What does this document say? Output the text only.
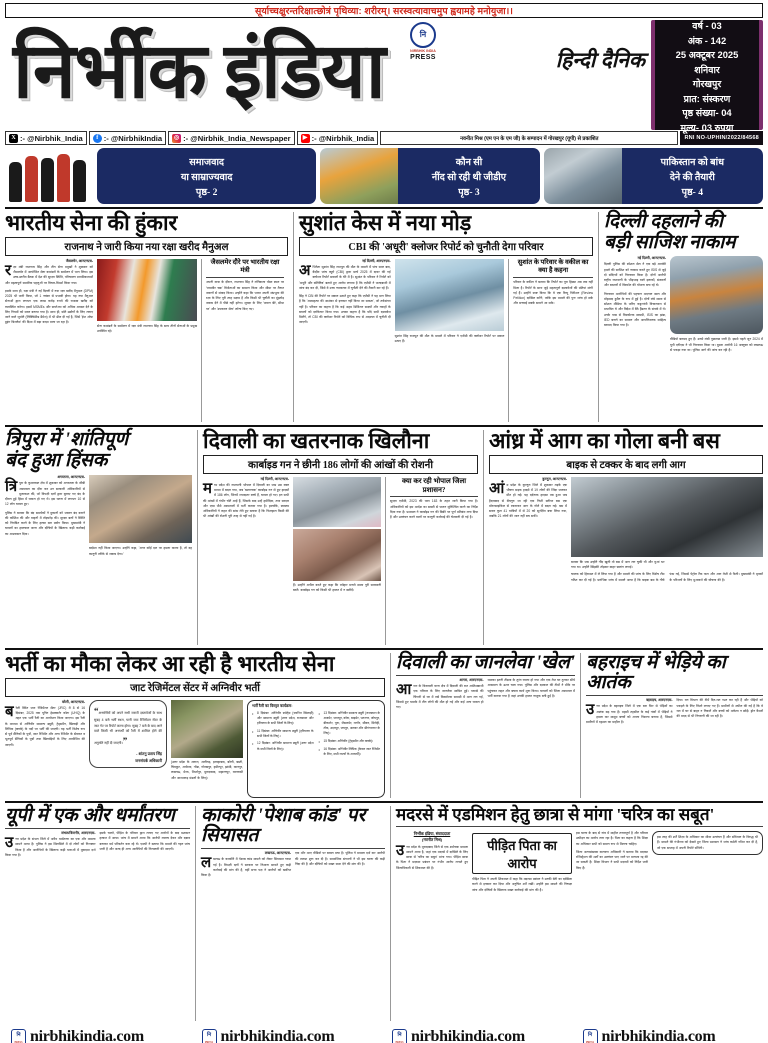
सूर्याच्चक्षुरन्तरिक्षात्छोत्रं पृथिव्या: शरीरम्। सरस्वत्यावाचमुप ह्वयामहे मनोयुजा।।
निर्भीक इंडिया	नि
NIRBHIK INDIA
PRESS	हिन्दी दैनिक
वर्ष - 03
अंक - 142
25 अक्टूबर 2025
शनिवार
गोरखपुर
प्रात: संस्करण
पृष्ठ संख्या- 04
मूल्य- 03 रुपया
X :- @Nirbhik_India	f :- @NirbhikIndia	◎ :- @Nirbhik_India_Newspaper	▶ :- @Nirbhik_India	नवनीत मिश्र (एम एन के एम जी) के सम्पादन में गोरखपुर (यूपी) से प्रकाशित	RNI NO-UPHIN/2022/84568
समाजवाद
या साम्राज्यवाद
पृष्ठ- 2
कौन सी
नींद सो रही थी जीडीए
पृष्ठ- 3
पाकिस्तान को बांध
देने की तैयारी
पृष्ठ- 4
भारतीय सेना की हुंकार
राजनाथ ने जारी किया नया रक्षा खरीद मैनुअल
जैसलमेर, आरएनएस-
रक्षा मंत्री राजनाथ सिंह और तीन सेना प्रमुखों ने शुक्रवार को जैसलमेर में आयोजित सेना कमांडरों के सम्मेलन में भाग लिया। इस उच्च-स्तरीय बैठक में देश की सुरक्षा स्थिति, परिचालन प्राथमिकताओं और महत्वपूर्ण सामरिक पहलुओं पर विचार-विमर्श किया गया।
इसके साथ ही, रक्षा मंत्री ने नई दिल्ली में नया रक्षा खरीद मैनुअल (DPM) 2025 भी जारी किया, जो 1 नवंबर से प्रभावी होगा। यह नया मैनुअल सेनाओं द्वारा लगभग एक लाख करोड़ रुपये की राजस्व खरीद को व्यवस्थित करेगा। इसमें MSMEs और स्टार्टअप को अधिक अवसर देने के लिए नियमों को सरल बनाया गया है। साथ ही, छोटे उद्योगों के लिए लगाए जाने वाले जुर्माने (लिक्विडेटेड डैमेज) में भी ढील दी गई है, जिसे 'ईज ऑफ डूइंग बिजनेस' की दिशा में बड़ा कदम माना जा रहा है।
सेना कमांडरों के सम्मेलन में रक्षा मंत्री राजनाथ सिंह के साथ तीनों सेनाओं के प्रमुख उपस्थित रहे।
जैसलमेर दौरे पर भारतीय रक्षा मंत्री
अपनी यात्रा के दौरान, राजनाथ सिंह ने लोंगेवाला पोस्ट स्थल पर 'परमवीर चक्र' विजेताओं का सम्मान किया और सीमा पर तैनात जवानों से संवाद किया। उन्होंने कहा कि भारत अपनी संप्रभुता की रक्षा के लिए पूरी तरह सक्षम है और किसी भी चुनौती का मुंहतोड़ जवाब देने में पीछे नहीं हटेगा। सुरक्षा के लिए 'जवान बेटे, सीमा पर' और 'उपकरण सेना' लॉन्च किए गए।
सुशांत केस में नया मोड़
CBI की 'अधूरी' क्लोजर रिपोर्ट को चुनौती देगा परिवार
नई दिल्ली, आरएनएस-
अभिनेता सुशांत सिंह राजपूत की मौत के मामले में पांच साल बाद, केंद्रीय जांच ब्यूरो (CBI) द्वारा मार्च 2025 में दायर की गई क्लोजर रिपोर्ट सवालों के घेरे में है। सुशांत के परिवार ने रिपोर्ट को 'अधूरी और बलिनिष्ठ' बताते हुए आरोप लगाया है कि एजेंसी ने जल्दबाजी में जांच बंद कर दी, जिसे वे उच्च न्यायालय में चुनौती देने की तैयारी कर रहे हैं।
सिंह ने CBI की रिपोर्ट पर सवाल उठाते हुए कहा कि एजेंसी ने यह मान लिया है कि 'आत्महत्या की आशंका से इनकार नहीं किया जा सकता', जो तर्कसंगत नहीं है। परिवार का कहना है कि कई अहम डिजिटल साक्ष्यों और गवाहों के बयानों को दरकिनार किया गया। उनका कहना है कि यदि सभी दस्तावेज मिलेंगे, तो CBI की क्लोजर रिपोर्ट को विधिक रूप से अदालत में चुनौती दी जाएगी।
सुशांत सिंह राजपूत की मौत के मामले में परिवार ने एजेंसी की क्लोजर रिपोर्ट पर सवाल उठाए हैं।
सुशांत के परिवार के वकील का क्या है कहना
परिवार के वकील ने बताया कि रिपोर्ट का पूरा हिस्सा अब तक नहीं मिला है। रिपोर्ट के साथ जुड़े महत्वपूर्ण दस्तावेजों की प्रतियां मांगी गई हैं। उन्होंने स्पष्ट किया कि वे एक रिव्यू पिटीशन (Review Petition) दाखिल करेंगे, ताकि इस मामले की पुनः जांच हो सके और सच्चाई सबके सामने आ सके।
दिल्ली दहलाने की
बड़ी साजिश नाकाम
नई दिल्ली, आरएनएस-
दिल्ली पुलिस की स्पेशल सेल ने एक बड़े आतंकी हमले की साजिश को नाकाम करते हुए ISIS से जुड़े दो संदिग्धों को गिरफ्तार किया है। दोनों आरोपी राष्ट्रीय राजधानी के भीड़भाड़ वाले इलाकों, संस्थानों और बाजारों में विस्फोट की योजना बना रहे थे।
गिरफ्तार आरोपियों की पहचान अदनान खान और मोहम्मद हुसैन के रूप में हुई है। दोनों लंबे समय से सोशल मीडिया के जरिए कट्टरपंथी विचारधारा से प्रभावित थे और विदेश में बैठे हैंडलर के संपर्क में थे। उनके पास से विस्फोटक सामग्री, ISIS का झंडा, IED बनाने का सामान और आपत्तिजनक साहित्य बरामद किया गया है।
वीडियो बरामद हुए हैं। उनसे लंबी पूछताछ जारी है। इससे पहले जून 2024 में यूपी एटीएस ने भी गिरफ्तार किया था। दूसरा आरोपी 16 अक्टूबर को लखनऊ से पकड़ा गया था। पुलिस आगे की जांच कर रही है।
त्रिपुरा में 'शांतिपूर्ण
बंद हुआ हिंसक
अगरतला, आरएनएस-
त्रि पुरा के कुमारघाट क्षेत्र में शुक्रवार को अगरतला के जीबी अस्पताल का दौरा कर उन सरकारी अधिकारियों से मुलाकात की, जो विपक्षी दलों द्वारा बुलाए गए बंद के दौरान हुई हिंसा में घायल हो गए थे। इस घटना में लगभग 10 से 12 लोग घायल हुए।
पुलिस ने बताया कि बंद समर्थकों ने दुकानों को जबरन बंद कराने की कोशिश की और वाहनों में तोड़फोड़ की। सुरक्षा बलों ने स्थिति को नियंत्रित करने के लिए हल्का बल प्रयोग किया। मुख्यमंत्री ने घायलों का हालचाल जाना और दोषियों के खिलाफ कड़ी कार्रवाई का आश्वासन दिया।
बर्दाश्त नहीं किया जाएगा। उन्होंने कहा, 'अगर कोई दल पर हमला करता है, तो वह कानूनी तरीके से जवाब देगा।'
दिवाली का खतरनाक खिलौना
कार्बाइड गन ने छीनी 186 लोगों की आंखों की रोशनी
नई दिल्ली, आरएनएस-
मध्य प्रदेश की राजधानी भोपाल में दिवाली का जश्न उस वक्त मातम में बदल गया, जब 'खतरनाक' कार्बाइड गन से हुए हादसों में 186 लोग, जिनमें ज्यादातर बच्चे हैं, घायल हो गए। इन सभी की आंखों में गंभीर चोटें आईं हैं, जिसके बाद उन्हें हमीदिया, तथा सरदार और एम्स जैसे अस्पतालों में भर्ती कराया गया है। हालांकि, स्वास्थ्य अधिकारियों ने राहत की सांस लेते हुए बताया है कि फिलहाल किसी की भी आंखों की रोशनी पूरी तरह से नहीं गई है।
हैं। उन्होंने अपील करते हुए कहा कि त्योहार मनाते समय पूरी सावधानी बरतें। कार्बाइड गन को किसी भी हालत में न खरीदें।
क्या कर रही भोपाल जिला प्रशासन?
सुरक्षा एजेंसी, 2023 की धारा 163 के तहत जारी किया गया है। अधिकारियों को इस आदेश का सख्ती से पालन सुनिश्चित करने का निर्देश दिया गया है। प्रशासन ने कार्बाइड गन की बिक्री पर पूर्ण प्रतिबंध लगा दिया है और उल्लंघन करने वालों पर कानूनी कार्रवाई की चेतावनी दी गई है।
आंध्र में आग का गोला बनी बस
बाइक से टक्कर के बाद लगी आग
कुरनूल, आरएनएस-
आंध्र प्रदेश के कुरनूल जिले में शुक्रवार तड़के एक भीषण सड़क हादसे में 19 लोगों की जिंदा जलकर मौत हो गई। यह दर्दनाक हादसा तब हुआ जब हैदराबाद से बेंगलुरु जा रही एक निजी स्लीपर बस एक मोटरसाइकिल से टकराकर आग के गोले में बदल गई। बस में सवार कुल 41 यात्रियों में से 20 को सुरक्षित बचा लिया गया, जबकि 21 लोगों की जान नहीं बच सकी।
बताया कि जब उन्होंने नींद खुली तो बस में आग लग चुकी थी और धुआं भर गया था। उन्होंने खिड़की तोड़कर बाहर छलांग लगाई।
चालक को हिरासत में ले लिया गया है और मामले की जांच के लिए विशेष टीम गठित कर दी गई है। प्रारंभिक जांच में सामने आया है कि बाइक बस के नीचे फंस गई, जिससे पेट्रोल टैंक फटा और आग तेजी से फैली। मुख्यमंत्री ने मृतकों के परिजनों के लिए मुआवजे की घोषणा की है।
भर्ती का मौका लेकर आ रही है भारतीय सेना
जाट रेजिमेंटल सेंटर में अग्निवीर भर्ती
बरेली, आरएनएस-
बरेली स्थित जाट रेजिमेंटल सेंटर (JRC) में 8 से 16 दिसंबर, 2025 तक यूनिट हेडक्वार्टर कोटा (UHQ) के तहत एक भर्ती रैली का आयोजन किया जाएगा। इस रैली के माध्यम से अग्निवीर सामान्य ड्यूटी, ट्रेड्समैन, खिलाड़ी और लिपिक (क्लर्क) के पदों पर भर्ती की जाएगी। यह भर्ती विशेष रूप से पूर्व सैनिकों के पुत्रों, जाट रेजिमेंट और अन्य रेजिमेंट के सेवारत व भूतपूर्व सैनिकों के पुत्रों तथा खिलाड़ियों के लिए आयोजित की जाएगी।
“अभ्यर्थियों को अपने सभी जरूरी दस्तावेजों के साथ सुबह 4 बजे भर्ती स्थल, यानी जाट रेजिमेंटल सेंटर के जाट गेट पर रिपोर्ट करना होगा। सुबह 7 बजे के बाद आने वाले किसी भी अभ्यर्थी को रैली में शामिल होने की अनुमति नहीं दी जाएगी।”
- शांतनु प्रताप सिंह
जनसंपर्क अधिकारी	(उत्तर प्रदेश के आगरा, अलीगढ़, इलाहाबाद, बरेली, बस्ती, चित्रकूट, अयोध्या, गोंडा, गोरखपुर, हमीरपुर, झांसी, कानपुर, लखनऊ, मेरठ, मिर्जापुर, मुरादाबाद, सहारनपुर, वाराणसी और आजमगढ़ मंडलों के लिए)।
भर्ती रैली का विस्तृत कार्यक्रम:
• 8 दिसंबर: अग्निवीर स्पोर्ट्स (चयनित खिलाड़ी) और सामान्य ड्यूटी (उत्तर प्रदेश, राजस्थान और हरियाणा के सभी जिलों के लिए)।
• 11 दिसंबर: अग्निवीर सामान्य ड्यूटी (हरियाणा के सभी जिलों के लिए)।
• 12 दिसंबर: अग्निवीर सामान्य ड्यूटी (उत्तर प्रदेश के सभी जिलों के लिए)।
• 13 दिसंबर: अग्निवीर सामान्य ड्यूटी (राजस्थान के अजमेर, भरतपुर, कोटा, बाड़मेर, भटनगर, जोधपुर, बीकानेर, चुरू, जैसलमेर, नागौर, सीकर, सिरोही, टोंक, उदयपुर, जयपुर, अलवर और श्रीगंगानगर के लिए)।
• 15 दिसंबर: अग्निवीर (ट्रेड्समैन और क्लर्क)।
• 16 दिसंबर: अग्निवीर लिपिक (केवल जाट रेजिमेंट के लिए, सभी राज्यों के अभ्यर्थी)।
दिवाली का जानलेवा 'खेल'
आगरा, आरएनएस-
आगरा के किरावली थाना क्षेत्र में दिवाली की रात आतिशबाजी एक परिवार के लिए जानलेवा साबित हुई। पटाखे की चिंगारी से घर में रखे विस्फोटक सामग्री में आग लग गई, जिससे हुए धमाके में तीन लोगों की मौत हो गई और कई अन्य घायल हो गए।
धमाका इतनी तीव्रता के तुरंत रवाना हो गया और एक तेज घर टूटकर सीधे आसमान के ऊपर चला गया। पुलिस और दमकल की टीमों ने मौके पर पहुंचकर राहत और बचाव कार्य शुरू किया। घायलों को जिला अस्पताल में भर्ती कराया गया है जहां उनकी हालत नाजुक बनी हुई है।
बहराइच में भेड़िये का आतंक
बहराइच, आरएनएस-
उत्तर प्रदेश के बहराइच जिले में एक बार फिर से भेड़ियों का आतंक बढ़ गया है। महसी तहसील के कई गांवों में भेड़ियों ने हमला कर मासूम बच्चों को अपना निशाना बनाया है, जिससे ग्रामीणों में दहशत का माहौल है।
दिया। वन विभाग की टीमें दिन-रात गश्त कर रही हैं और भेड़ियों को पकड़ने के लिए पिंजरे लगाए गए हैं। ग्रामीणों से अपील की गई है कि वे रात में घर से बाहर न निकलें और बच्चों को अकेला न छोड़ें। ड्रोन कैमरों की मदद से भी निगरानी की जा रही है।
यूपी में एक और धर्मांतरण
संभल/बिजनौर, आरएनएस-
उत्तर प्रदेश के संभल जिले में अवैध धर्मांतरण का एक और मामला सामने आया है। पुलिस ने इस सिलसिले में दो लोगों को गिरफ्तार किया है और आरोपियों के खिलाफ कड़ी धाराओं में मुकदमा दर्ज किया गया है।
इसके चलते, पीड़ित के परिवार द्वारा लगाए गए आरोपों के बाद प्रशासन हरकत में आया। जांच में सामने आया कि आरोपी लालच देकर और दबाव बनाकर धर्म परिवर्तन करा रहे थे। एसपी ने बताया कि मामले की गहन जांच जारी है और जल्द ही अन्य आरोपियों की गिरफ्तारी की जाएगी।
काकोरी 'पेशाब कांड' पर सियासत
लखनऊ, आरएनएस-
लखनऊ के काकोरी में पेशाब कांड मामले को लेकर सियासत गरमा गई है। विपक्षी दलों ने सरकार पर निशाना साधते हुए कड़ी कार्रवाई की मांग की है, वहीं सत्ता पक्ष ने आरोपों को खारिज किया है।
एक और आए वीडियो पर बवाल मचा है। पुलिस ने मामला दर्ज कर आरोपी की तलाश शुरू कर दी है। सामाजिक संगठनों ने भी इस घटना की कड़ी निंदा की है और दोषियों को सख्त सजा देने की मांग की है।
मदरसे में एडमिशन हेतु छात्रा से मांगा 'चरित्र का सबूत'
निर्भीक इंडिया, संवाददाता
(नवनीत मिश्र)
उत्तर प्रदेश के मुरादाबाद जिले से एक शर्मनाक मामला सामने आया है, जहां एक मदरसे में दाखिले के लिए छात्रा से 'चरित्र का सबूत' मांगा गया। पीड़ित छात्रा के पिता ने मदरसा प्रबंधन पर गंभीर आरोप लगाते हुए जिलाधिकारी से शिकायत की है।
पीड़ित पिता का आरोप
पीड़ित पिता ने अपनी शिकायत में कहा कि मदरसा प्रबंधन ने उनकी बेटी का दाखिला करने से इनकार कर दिया और अनुचित शर्तें रखीं। उन्होंने इस मामले की निष्पक्ष जांच और दोषियों के खिलाफ सख्त कार्रवाई की मांग की है।
इस घटना के बाद से गांव में माहौल तनावपूर्ण है और परिवार उत्पीड़न का आरोप लगा रहा है। पिता का कहना है कि शिक्षा का अधिकार सभी को समान रूप से मिलना चाहिए।
जिला अल्पसंख्यक कल्याण अधिकारी ने बताया कि मदरसा रजिस्ट्रेशन की शर्तों का उल्लंघन पाए जाने पर मान्यता रद्द की जा सकती है। शिक्षा विभाग ने सभी मदरसों को निर्देश जारी किए हैं।
इस तरह की शर्तें शिक्षा के अधिकार का सीधा उल्लंघन हैं और संविधान के विरुद्ध भी हैं। मामले की गंभीरता को देखते हुए जिला प्रशासन ने जांच कमेटी गठित कर दी है, जो एक सप्ताह में अपनी रिपोर्ट सौंपेगी।
नि
PRESS nirbhikindia.com	नि
PRESS nirbhikindia.com	नि
PRESS nirbhikindia.com	नि
PRESS nirbhikindia.com
